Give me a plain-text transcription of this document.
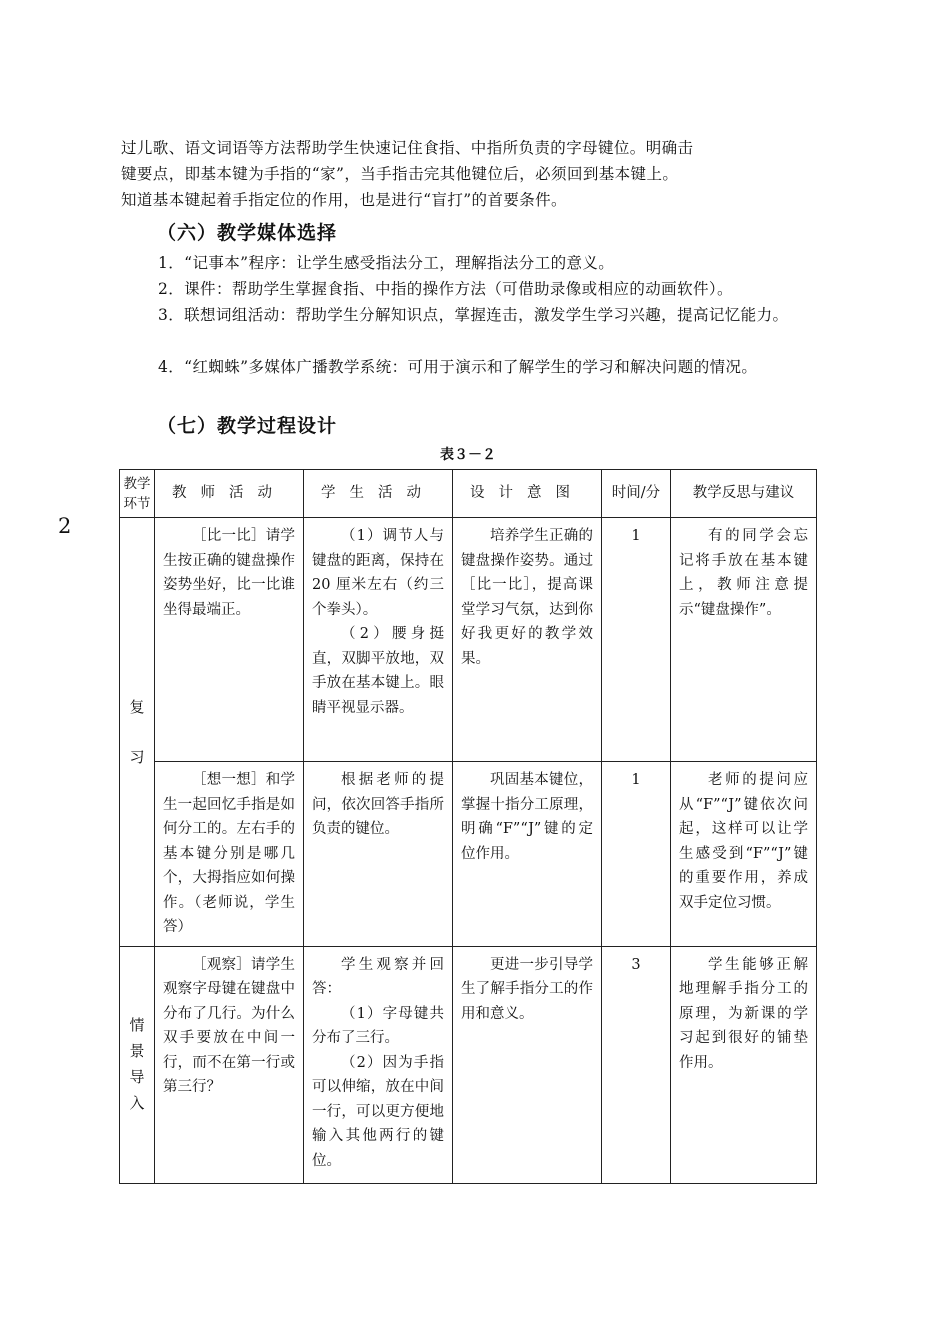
过儿歌、语文词语等方法帮助学生快速记住食指、中指所负责的字母键位。明确击
键要点，即基本键为手指的“家”，当手指击完其他键位后，必须回到基本键上。
知道基本键起着手指定位的作用，也是进行“盲打”的首要条件。
（六）教学媒体选择
1．“记事本”程序：让学生感受指法分工，理解指法分工的意义。
2．课件：帮助学生掌握食指、中指的操作方法（可借助录像或相应的动画软件）。
3．联想词组活动：帮助学生分解知识点，掌握连击，激发学生学习兴趣，提高记忆能力。
4．“红蜘蛛”多媒体广播教学系统：可用于演示和了解学生的学习和解决问题的情况。
（七）教学过程设计
表３－２
2
教学环节	教师活动	学生活动	设计意图	时间/分	教学反思与建议
复习	［比一比］请学生按正确的键盘操作姿势坐好，比一比谁坐得最端正。	（1）调节人与键盘的距离，保持在 20 厘米左右（约三个拳头）。

（2）腰身挺直，双脚平放地，双手放在基本键上。眼睛平视显示器。	培养学生正确的键盘操作姿势。通过［比一比］，提高课堂学习气氛，达到你好我更好的教学效果。	1	有的同学会忘记将手放在基本键上，教师注意提示“键盘操作”。
	［想一想］和学生一起回忆手指是如何分工的。左右手的基本键分别是哪几个，大拇指应如何操作。（老师说，学生答）	根据老师的提问，依次回答手指所负责的键位。	巩固基本键位，掌握十指分工原理，明确“F”“J”键的定位作用。	1	老师的提问应从“F”“J”键依次问起，这样可以让学生感受到“F”“J”键的重要作用，养成双手定位习惯。
情景导入	［观察］请学生观察字母键在键盘中分布了几行。为什么双手要放在中间一行，而不在第一行或第三行？	学生观察并回答：

（1）字母键共分布了三行。

（2）因为手指可以伸缩，放在中间一行，可以更方便地输入其他两行的键位。	更进一步引导学生了解手指分工的作用和意义。	3	学生能够正解地理解手指分工的原理，为新课的学习起到很好的铺垫作用。
